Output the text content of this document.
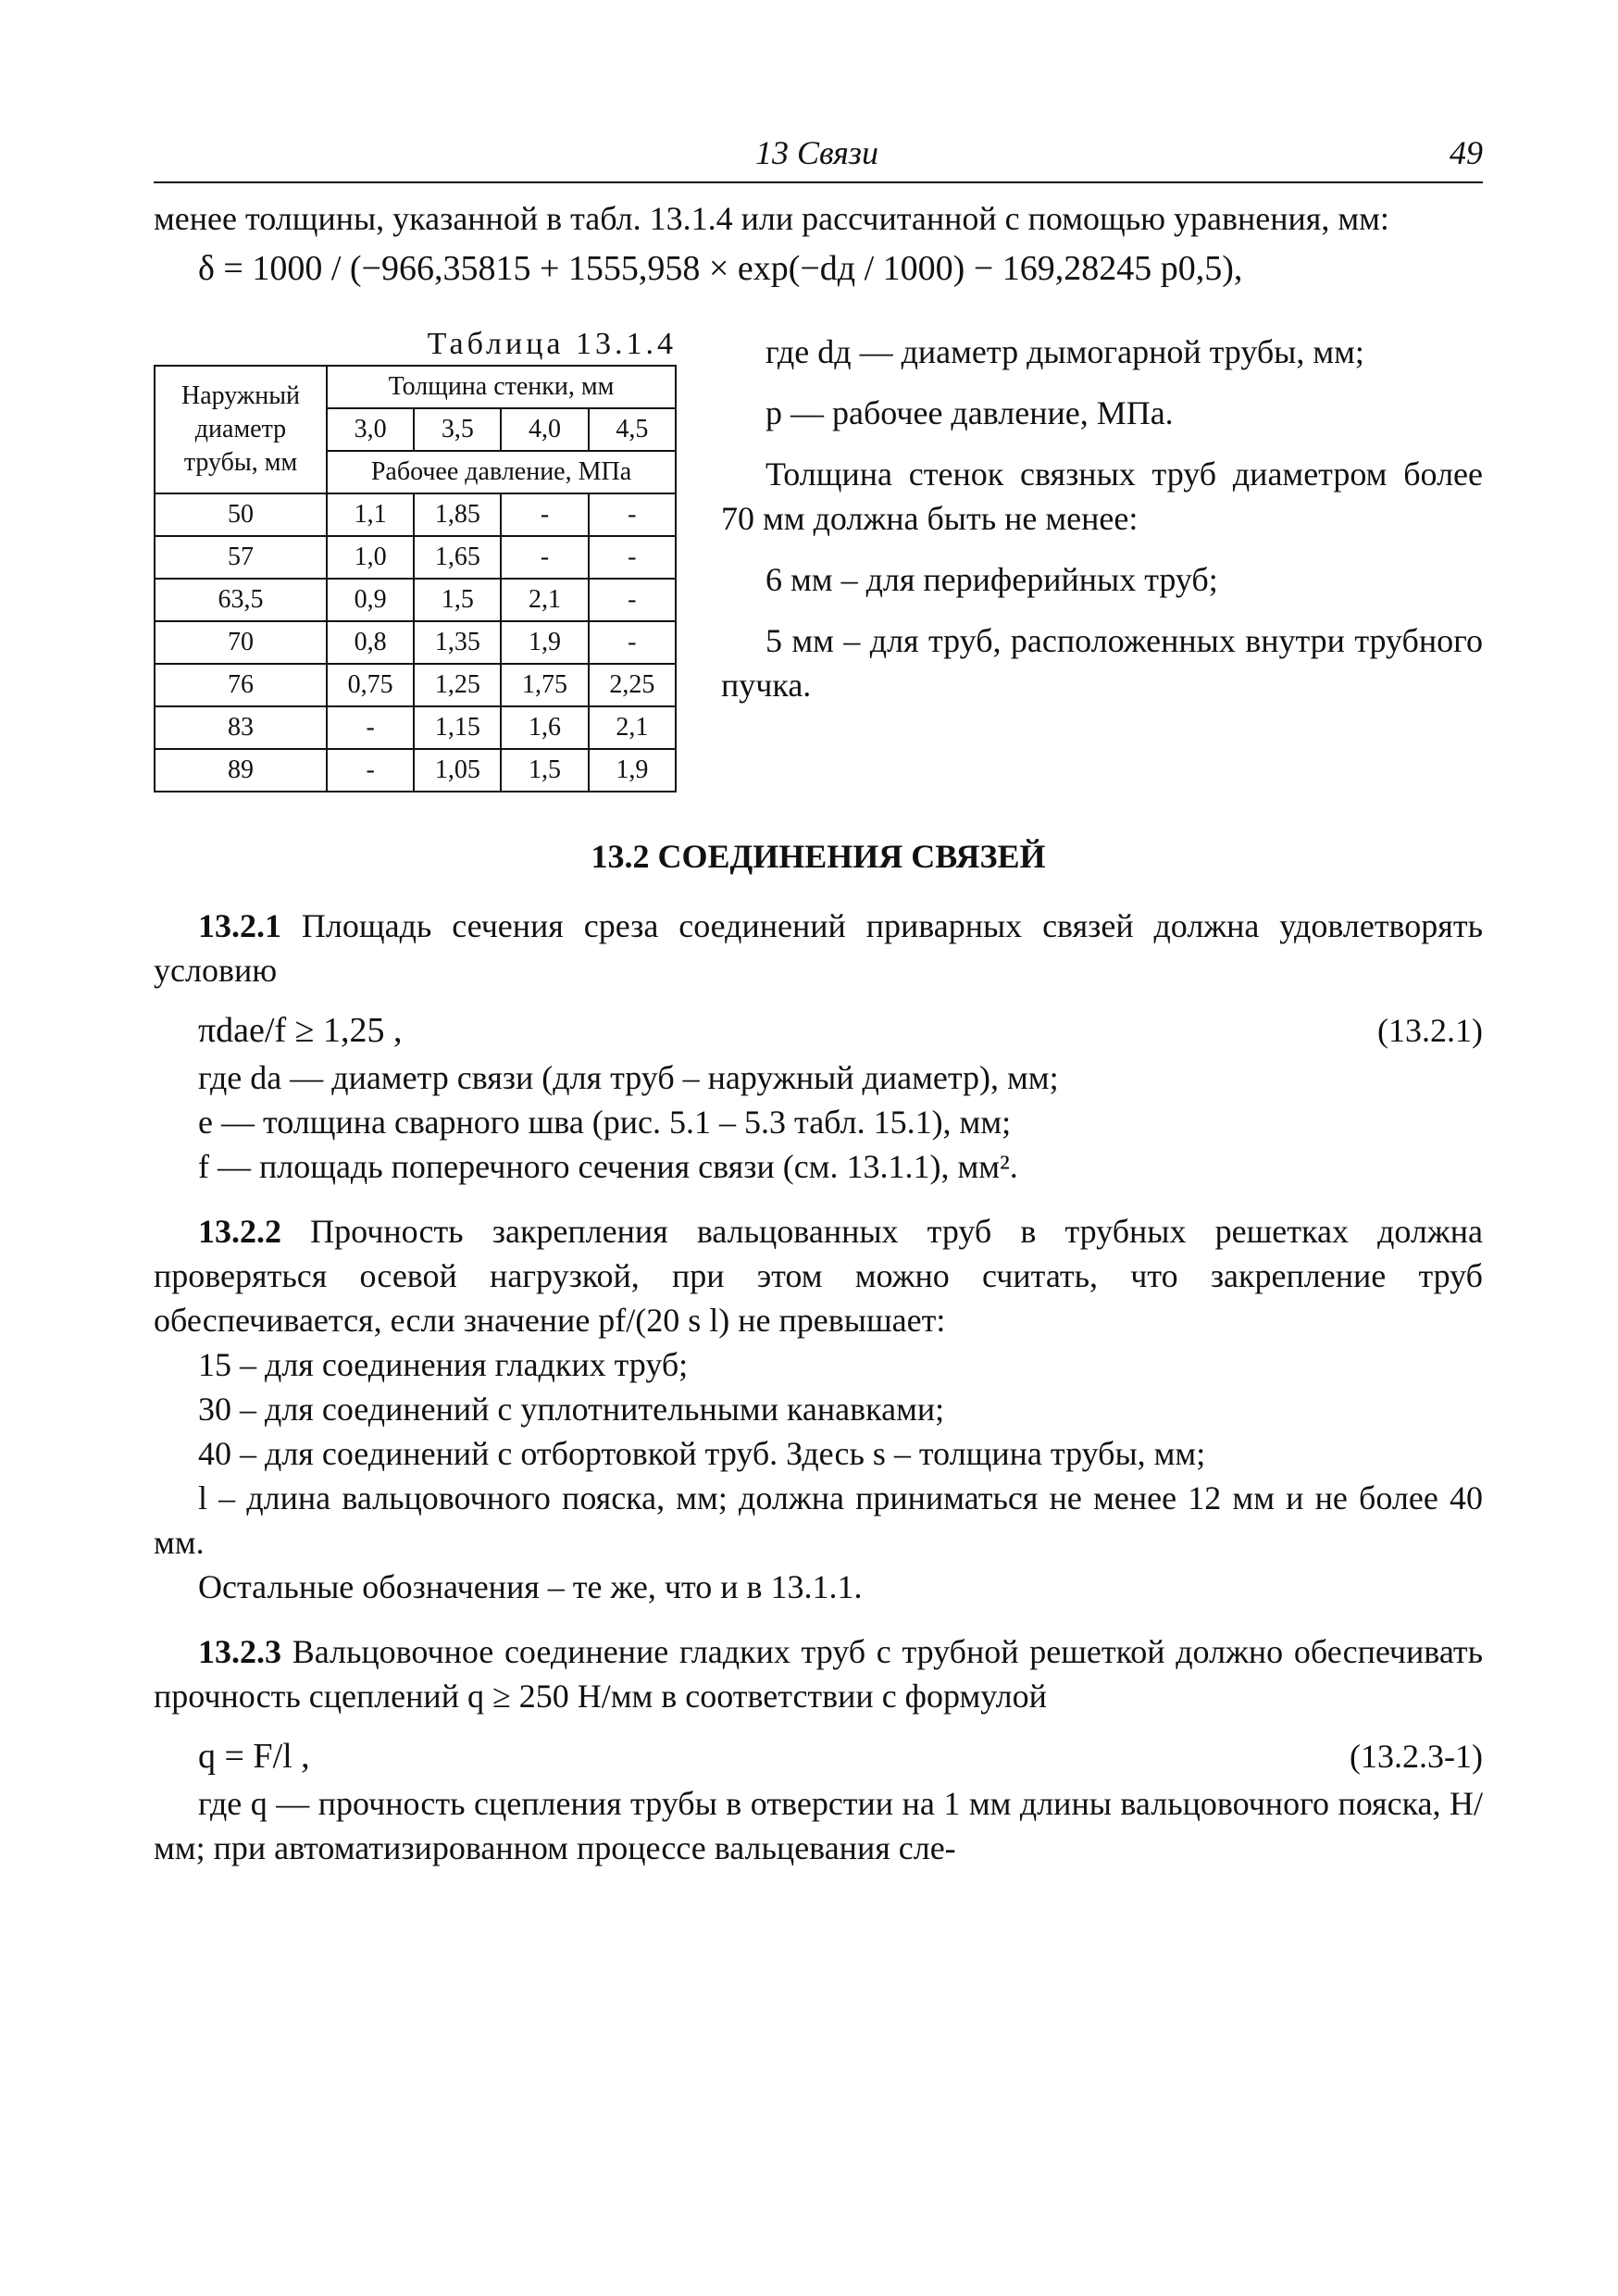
13 Связи	49

менее толщины, указанной в табл. 13.1.4 или рассчитанной с помощью уравнения, мм:

δ = 1000 / (−966,35815 + 1555,958 × exp(−dд / 1000) − 169,28245 p0,5),

Таблица 13.1.4
Наружный диаметр трубы, мм	Толщина стенки, мм			
	3,0	3,5	4,0	4,5
	Рабочее давление, МПа			
50	1,1	1,85	-	-
57	1,0	1,65	-	-
63,5	0,9	1,5	2,1	-
70	0,8	1,35	1,9	-
76	0,75	1,25	1,75	2,25
83	-	1,15	1,6	2,1
89	-	1,05	1,5	1,9

где dд — диаметр дымогарной трубы, мм;

p — рабочее давление, МПа.

Толщина стенок связных труб диаметром более 70 мм должна быть не менее:

6 мм – для периферийных труб;

5 мм – для труб, расположенных внутри трубного пучка.

13.2 СОЕДИНЕНИЯ СВЯЗЕЙ

13.2.1 Площадь сечения среза соединений приварных связей должна удовлетворять условию

πdаe/f ≥ 1,25 ,	(13.2.1)

где dа — диаметр связи (для труб – наружный диаметр), мм;

e — толщина сварного шва (рис. 5.1 – 5.3 табл. 15.1), мм;

f — площадь поперечного сечения связи (см. 13.1.1), мм².

13.2.2 Прочность закрепления вальцованных труб в трубных решетках должна проверяться осевой нагрузкой, при этом можно считать, что закрепление труб обеспечивается, если значение pf/(20 s l) не превышает:

15 – для соединения гладких труб;

30 – для соединений с уплотнительными канавками;

40 – для соединений с отбортовкой труб. Здесь s – толщина трубы, мм;

l – длина вальцовочного пояска, мм; должна приниматься не менее 12 мм и не более 40 мм.

Остальные обозначения – те же, что и в 13.1.1.

13.2.3 Вальцовочное соединение гладких труб с трубной решеткой должно обеспечивать прочность сцеплений q ≥ 250 Н/мм в соответствии с формулой

q = F/l ,	(13.2.3-1)

где q — прочность сцепления трубы в отверстии на 1 мм длины вальцовочного пояска, Н/мм; при автоматизированном процессе вальцевания сле-
